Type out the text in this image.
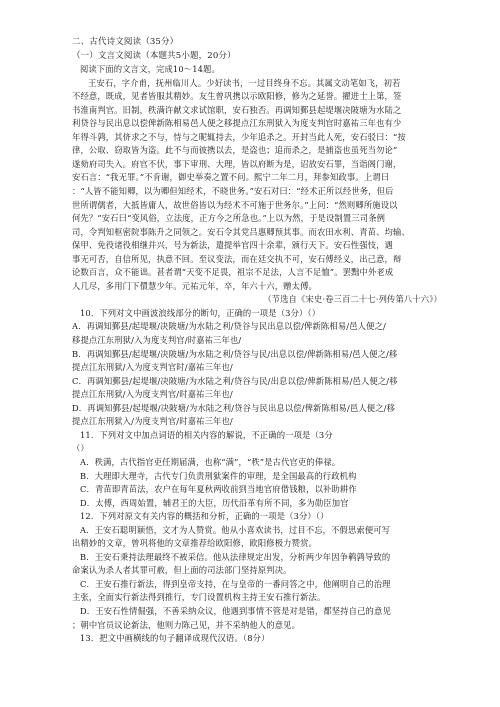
二、古代诗文阅读（35分）
（一）文言文阅读（本题共5小题，20分）
阅读下面的文言文，完成10～14题。
王安石，字介甫，抚州临川人。少好读书，一过目终身不忘。其属文动笔如飞，初若
不经意，既成，见者皆服其精妙。友生曾巩携以示欧阳修，修为之延誉。擢进士上第，签
书淮南判官。旧制，秩满许献文求试馆职，安石独否。再调知鄞县起堤堰决陂塘为水陆之
利贷谷与民出息以偿俾新陈相易邑人便之移提点江东刑狱入为度支判官时嘉祐三年也有少
年得斗鹑，其侪求之不与，恃与之昵辄持去，少年追杀之。开封当此人死，安石驳曰：“按
律，公取、窃取皆为盗。此不与而彼携以去，是盗也；追而杀之，是捕盗也虽死当勿论”
遂劾府司失入。府官不伏，事下审刑、大理，皆以府断为是，诏放安石罪，当诣阁门谢，
安石言：“我无罪。”不肯谢，御史举奏之置不问。熙宁二年二月，拜参知政事。上谓曰
：“人皆不能知卿，以为卿但知经术，不晓世务。”安石对曰：“经术正所以经世务，但后
世所谓儒者，大抵皆庸人，故世俗皆以为经术不可施于世务尔。”上问：“然则卿所施设以
何先？”安石曰“变风俗，立法度，正方今之所急也。”上以为然，于是设制置三司条例
司，令判知枢密院事陈升之同领之。安石令其党吕惠卿预其事。而农田水利、青苗、均输、
保甲、免役诸役相继并兴，号为新法，遣提举官四十余辈，颁行天下。安石性强忮，遇
事无可否，自信所见，执意不回。至议变法，而在廷交执不可，安石傅经义，出己意，辩
论数百言，众不能诎。甚者谓“天变不足畏，祖宗不足法，人言不足恤”。罢黜中外老成
人几尽，多用门下儇慧少年。元祐元年，卒，年六十六，赠太傅。
（节选自《宋史·卷三百二十七·列传第八十六》）
10．下列对文中画波浪线部分的断句，正确的一项是（3分）（）
A．再调知鄞县/起堤堰/决陂塘/为水陆之利/贷谷与民出息以偿/俾新陈相易/邑人便之/
移提点江东刑狱/入为度支判官/时嘉祐三年也/
B．再调知鄞县/起堤堰/决陂塘/为水陆之利/贷谷与民/出息以偿/俾新陈相易/邑人便之/移
提点江东刑狱/入为度支判官时/嘉祐三年也/
C．再调知鄞县/起堤堰/决陂塘/为水陆之利/贷谷与民/出息以偿/俾新陈相易/邑人便之/移
提点江东刑狱/入为度支判官/时嘉祐三年也/
D．再调知鄞县/起堤堰/决陂塘/为水陆之利/贷谷与民出息以偿/俾新陈相易/邑人便之/移
提点江东刑狱入/为度支判官/时嘉祐三年也/
11．下列对文中加点词语的相关内容的解说，不正确的一项是（3分
（）
A．秩满，古代指官吏任期届满，也称“满”，“秩”是古代官吏的俸禄。
B．大理即大理寺，古代专门负责刑狱案件的审理，是全国最高的行政机构
C．青苗即青苗法，农户在每年夏秋两收前到当地官府借钱粮，以补助耕作
D．太傅，西周始置，辅君王的大臣，历代沿革有所不同，多为勋臣加官
12．下列对原文有关内容的概括和分析，正确的一项是（3分）（）
A．王安石聪明颖悟，文才为人赞赏。他从小喜欢读书，过目不忘，不假思索便可写
出精妙的文章，曾巩将他的文章推荐给欧阳修，欧阳修极力赞赏。
B．王安石秉持法理最终不被采信。他从法律规定出发，分析两少年因争鹌鹑导致的
命案认为杀人者其罪可赦，但上面的司法部门坚持原判决。
C．王安石推行新法，得到皇帝支持，在与皇帝的一番问答之中，他阐明自己的治理
主张，全面实行新法得到推行，专门设置机构主持王安石推行新法。
D．王安石性情倔强，不善采纳众议，他遇到事情不管是对是错，都坚持自己的意见
；朝中官员议论新法，他则力陈己见，并不采纳他人的意见。
13．把文中画横线的句子翻译成现代汉语。（8分）
